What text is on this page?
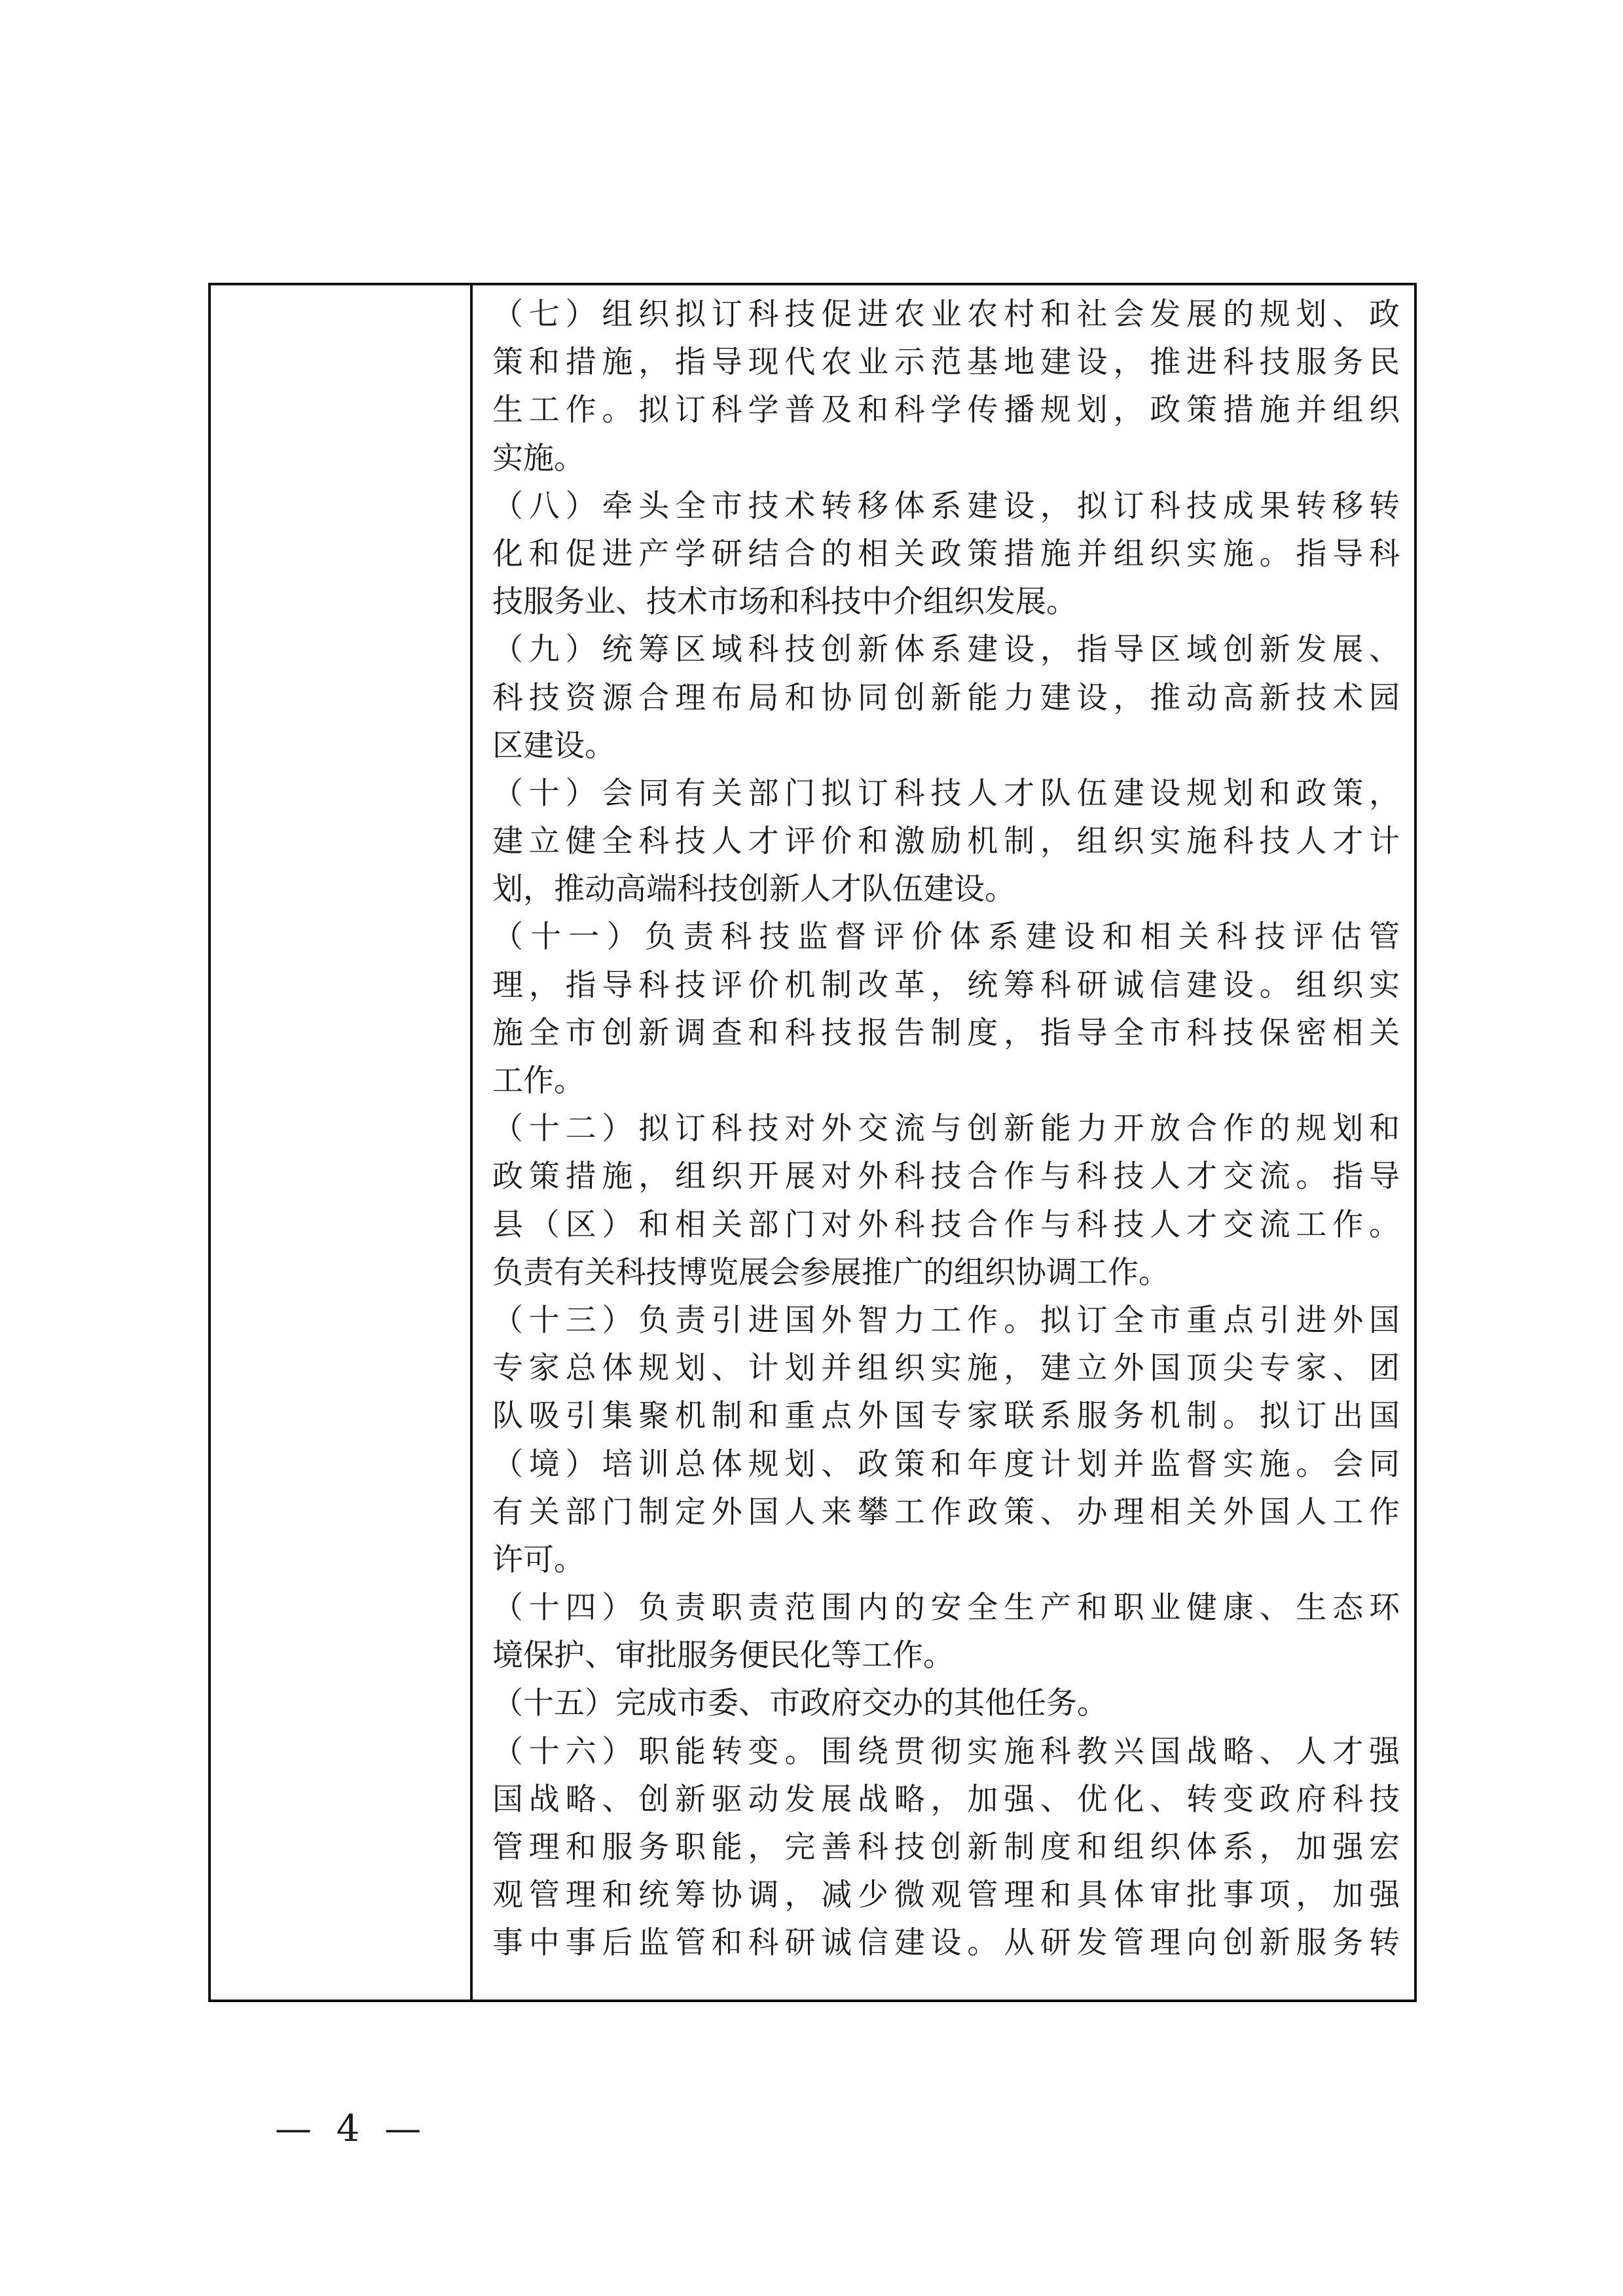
（七）组织拟订科技促进农业农村和社会发展的规划、政
策和措施，指导现代农业示范基地建设，推进科技服务民
生工作。拟订科学普及和科学传播规划，政策措施并组织
实施。
（八）牵头全市技术转移体系建设，拟订科技成果转移转
化和促进产学研结合的相关政策措施并组织实施。指导科
技服务业、技术市场和科技中介组织发展。
（九）统筹区域科技创新体系建设，指导区域创新发展、
科技资源合理布局和协同创新能力建设，推动高新技术园
区建设。
（十）会同有关部门拟订科技人才队伍建设规划和政策，
建立健全科技人才评价和激励机制，组织实施科技人才计
划，推动高端科技创新人才队伍建设。
（十一）负责科技监督评价体系建设和相关科技评估管
理，指导科技评价机制改革，统筹科研诚信建设。组织实
施全市创新调查和科技报告制度，指导全市科技保密相关
工作。
（十二）拟订科技对外交流与创新能力开放合作的规划和
政策措施，组织开展对外科技合作与科技人才交流。指导
县（区）和相关部门对外科技合作与科技人才交流工作。
负责有关科技博览展会参展推广的组织协调工作。
（十三）负责引进国外智力工作。拟订全市重点引进外国
专家总体规划、计划并组织实施，建立外国顶尖专家、团
队吸引集聚机制和重点外国专家联系服务机制。拟订出国
（境）培训总体规划、政策和年度计划并监督实施。会同
有关部门制定外国人来攀工作政策、办理相关外国人工作
许可。
（十四）负责职责范围内的安全生产和职业健康、生态环
境保护、审批服务便民化等工作。
（十五）完成市委、市政府交办的其他任务。
（十六）职能转变。围绕贯彻实施科教兴国战略、人才强
国战略、创新驱动发展战略，加强、优化、转变政府科技
管理和服务职能，完善科技创新制度和组织体系，加强宏
观管理和统筹协调，减少微观管理和具体审批事项，加强
事中事后监管和科研诚信建设。从研发管理向创新服务转
— 4 —
